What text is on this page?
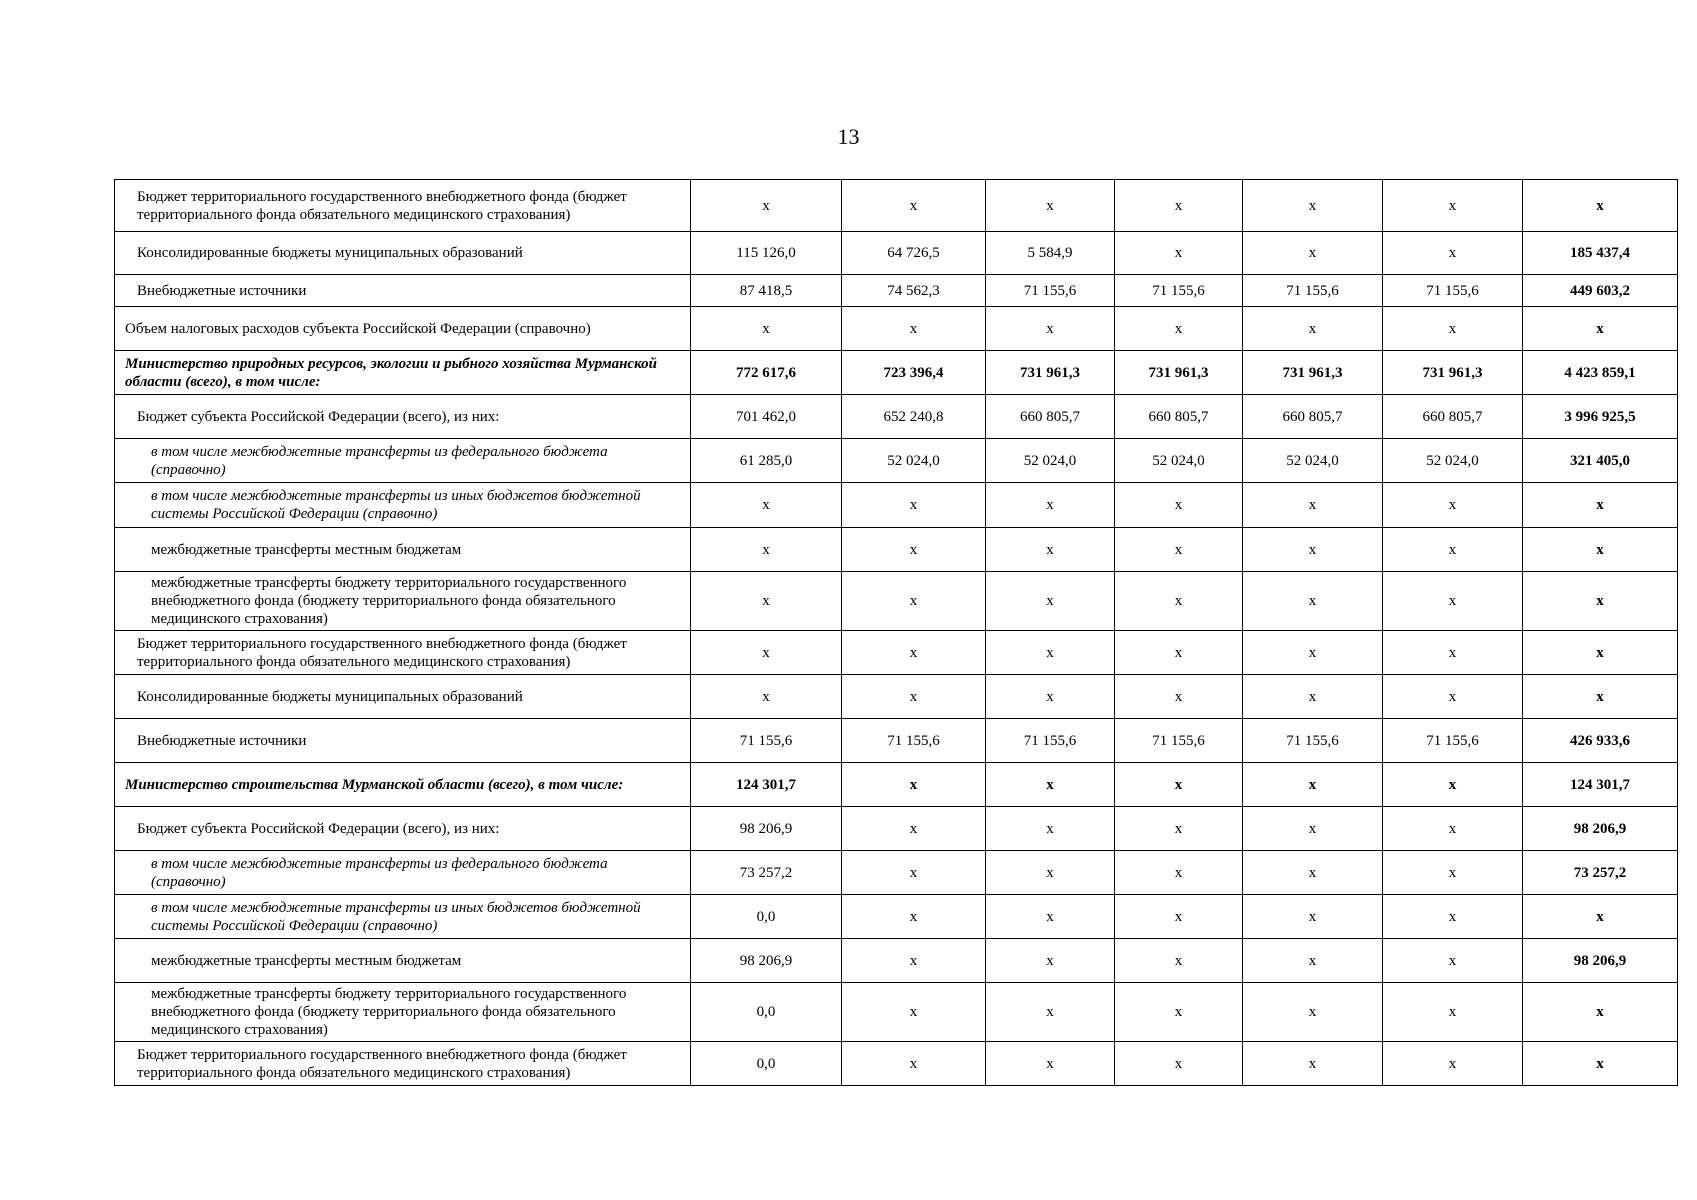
13
Бюджет территориального государственного внебюджетного фонда (бюджет территориального фонда обязательного медицинского страхования)	x	x	x	x	x	x	x
Консолидированные бюджеты муниципальных образований	115 126,0	64 726,5	5 584,9	x	x	x	185 437,4
Внебюджетные источники	87 418,5	74 562,3	71 155,6	71 155,6	71 155,6	71 155,6	449 603,2
Объем налоговых расходов субъекта Российской Федерации (справочно)	x	x	x	x	x	x	x
Министерство природных ресурсов, экологии и рыбного хозяйства Мурманской области (всего), в том числе:	772 617,6	723 396,4	731 961,3	731 961,3	731 961,3	731 961,3	4 423 859,1
Бюджет субъекта Российской Федерации (всего), из них:	701 462,0	652 240,8	660 805,7	660 805,7	660 805,7	660 805,7	3 996 925,5
в том числе межбюджетные трансферты из федерального бюджета (справочно)	61 285,0	52 024,0	52 024,0	52 024,0	52 024,0	52 024,0	321 405,0
в том числе межбюджетные трансферты из иных бюджетов бюджетной системы Российской Федерации (справочно)	x	x	x	x	x	x	x
межбюджетные трансферты местным бюджетам	x	x	x	x	x	x	x
межбюджетные трансферты бюджету территориального государственного внебюджетного фонда (бюджету территориального фонда обязательного медицинского страхования)	x	x	x	x	x	x	x
Бюджет территориального государственного внебюджетного фонда (бюджет территориального фонда обязательного медицинского страхования)	x	x	x	x	x	x	x
Консолидированные бюджеты муниципальных образований	x	x	x	x	x	x	x
Внебюджетные источники	71 155,6	71 155,6	71 155,6	71 155,6	71 155,6	71 155,6	426 933,6
Министерство строительства Мурманской области (всего), в том числе:	124 301,7	x	x	x	x	x	124 301,7
Бюджет субъекта Российской Федерации (всего), из них:	98 206,9	x	x	x	x	x	98 206,9
в том числе межбюджетные трансферты из федерального бюджета (справочно)	73 257,2	x	x	x	x	x	73 257,2
в том числе межбюджетные трансферты из иных бюджетов бюджетной системы Российской Федерации (справочно)	0,0	x	x	x	x	x	x
межбюджетные трансферты местным бюджетам	98 206,9	x	x	x	x	x	98 206,9
межбюджетные трансферты бюджету территориального государственного внебюджетного фонда (бюджету территориального фонда обязательного медицинского страхования)	0,0	x	x	x	x	x	x
Бюджет территориального государственного внебюджетного фонда (бюджет территориального фонда обязательного медицинского страхования)	0,0	x	x	x	x	x	x
